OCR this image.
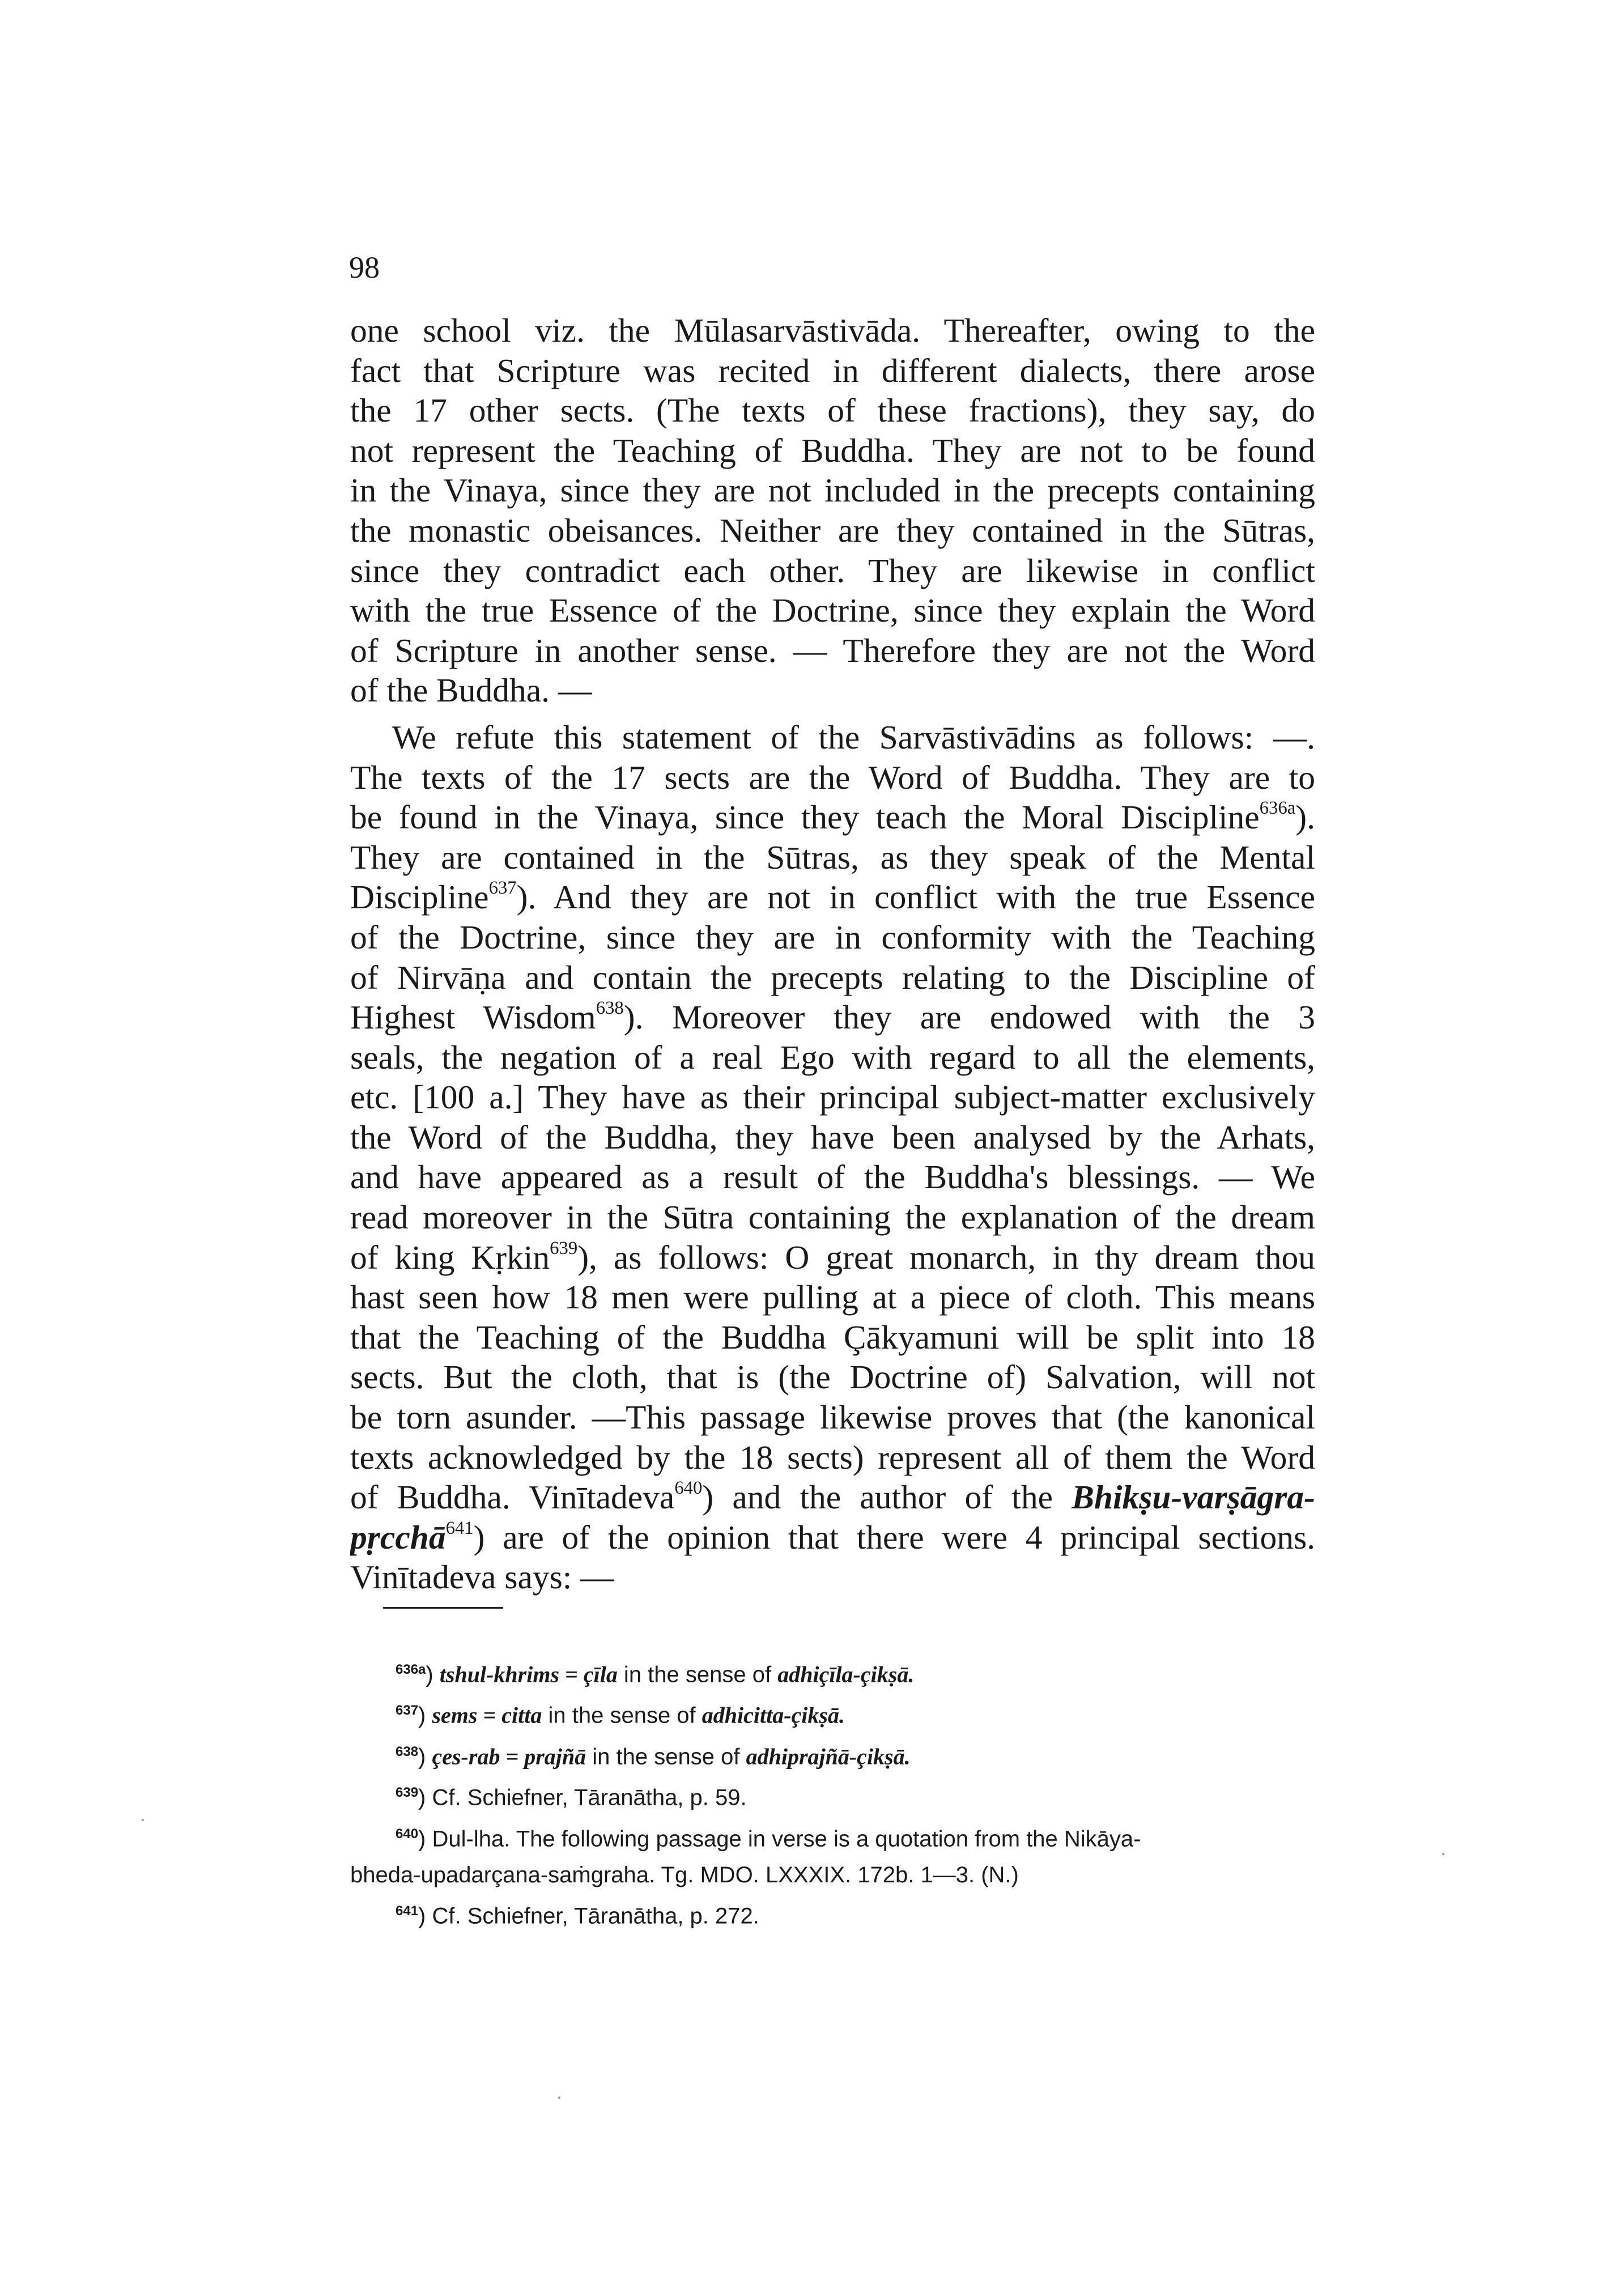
98
one school viz. the Mūlasarvāstivāda. Thereafter, owing to the
fact that Scripture was recited in different dialects, there arose
the 17 other sects. (The texts of these fractions), they say, do
not represent the Teaching of Buddha. They are not to be found
in the Vinaya, since they are not included in the precepts containing
the monastic obeisances. Neither are they contained in the Sūtras,
since they contradict each other. They are likewise in conflict
with the true Essence of the Doctrine, since they explain the Word
of Scripture in another sense. — Therefore they are not the Word
of the Buddha. —
We refute this statement of the Sarvāstivādins as follows: —.
The texts of the 17 sects are the Word of Buddha. They are to
be found in the Vinaya, since they teach the Moral Discipline$^{636a}$).
They are contained in the Sūtras, as they speak of the Mental
Discipline$^{637}$). And they are not in conflict with the true Essence
of the Doctrine, since they are in conformity with the Teaching
of Nirvāṇa and contain the precepts relating to the Discipline of
Highest Wisdom$^{638}$). Moreover they are endowed with the 3
seals, the negation of a real Ego with regard to all the elements,
etc. [100 a.] They have as their principal subject-matter exclusively
the Word of the Buddha, they have been analysed by the Arhats,
and have appeared as a result of the Buddha's blessings. — We
read moreover in the Sūtra containing the explanation of the dream
of king Kṛkin$^{639}$), as follows: O great monarch, in thy dream thou
hast seen how 18 men were pulling at a piece of cloth. This means
that the Teaching of the Buddha Çākyamuni will be split into 18
sects. But the cloth, that is (the Doctrine of) Salvation, will not
be torn asunder. —This passage likewise proves that (the kanonical
texts acknowledged by the 18 sects) represent all of them the Word
of Buddha. Vinītadeva$^{640}$) and the author of the Bhikṣu-varṣāgra-
pṛcchā$^{641}$) are of the opinion that there were 4 principal sections.
Vinītadeva says: —
$^{636a}$) tshul-khrims = çīla in the sense of adhiçīla-çikṣā.
$^{637}$) sems = citta in the sense of adhicitta-çikṣā.
$^{638}$) çes-rab = prajñā in the sense of adhiprajñā-çikṣā.
$^{639}$) Cf. Schiefner, Tāranātha, p. 59.
$^{640}$) Dul-lha. The following passage in verse is a quotation from the Nikāya-
bheda-upadarçana-saṁgraha. Tg. MDO. LXXXIX. 172b. 1—3. (N.)
$^{641}$) Cf. Schiefner, Tāranātha, p. 272.
